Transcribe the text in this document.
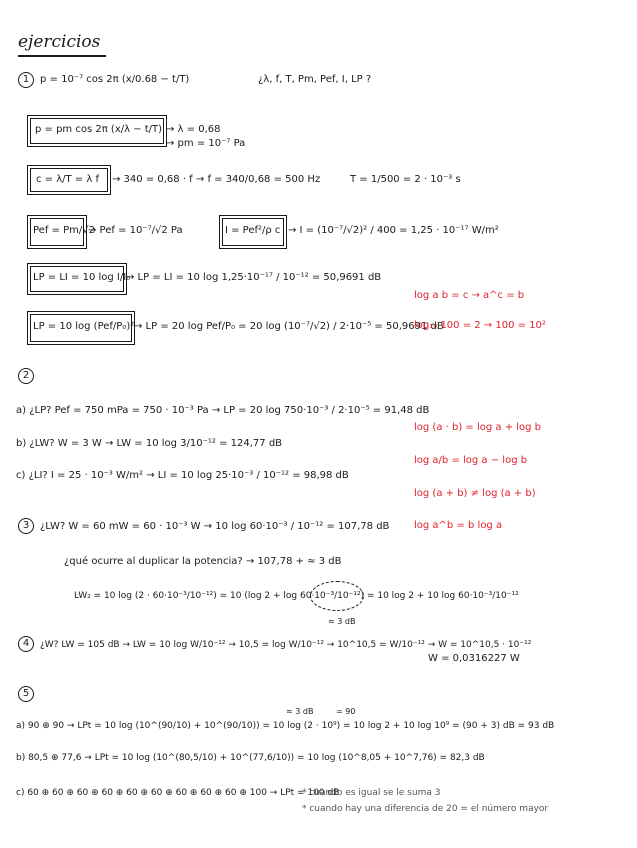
ejercicios
1	p = 10⁻⁷ cos 2π (x/0.68 − t/T)	¿λ, f, T, Pm, Pef, I, LP ?
p = pm cos 2π (x/λ − t/T) → λ = 0,68
→ pm = 10⁻⁷ Pa
c = λ/T = λ f → 340 = 0,68 · f → f = 340/0,68 = 500 Hz	T = 1/500 = 2 · 10⁻³ s
Pef = Pm/√2
→ Pef = 10⁻⁷/√2 Pa	I = Pef²/ρ c → I = (10⁻⁷/√2)² / 400 = 1,25 · 10⁻¹⁷ W/m²
LP = LI = 10 log I/I₀
→ LP = LI = 10 log 1,25·10⁻¹⁷ / 10⁻¹² = 50,9691 dB
LP = 10 log (Pef/P₀)² → LP = 20 log Pef/P₀ = 20 log (10⁻⁷/√2) / 2·10⁻⁵ = 50,9691 dB
log a b = c → a^c = b
log₁₀ 100 = 2 → 100 = 10²
log (a · b) = log a + log b
log a/b = log a − log b
log (a + b) ≠ log (a + b)
log a^b = b log a
2
a) ¿LP? Pef = 750 mPa = 750 · 10⁻³ Pa → LP = 20 log 750·10⁻³ / 2·10⁻⁵ = 91,48 dB
b) ¿LW? W = 3 W → LW = 10 log 3/10⁻¹² = 124,77 dB
c) ¿LI? I = 25 · 10⁻³ W/m² → LI = 10 log 25·10⁻³ / 10⁻¹² = 98,98 dB
3	¿LW? W = 60 mW = 60 · 10⁻³ W → 10 log 60·10⁻³ / 10⁻¹² = 107,78 dB
¿qué ocurre al duplicar la potencia? → 107,78 + ≈ 3 dB
LW₂ = 10 log (2 · 60·10⁻³/10⁻¹²) = 10 (log 2 + log 60·10⁻³/10⁻¹²) = 10 log 2 + 10 log 60·10⁻³/10⁻¹²
≈ 3 dB
4	¿W? LW = 105 dB → LW = 10 log W/10⁻¹² → 10,5 = log W/10⁻¹² → 10^10,5 = W/10⁻¹² → W = 10^10,5 · 10⁻¹²
W = 0,0316227 W
5
≈ 3 dB	= 90
a) 90 ⊕ 90 → LPt = 10 log (10^(90/10) + 10^(90/10)) = 10 log (2 · 10⁹) = 10 log 2 + 10 log 10⁹ = (90 + 3) dB = 93 dB
b) 80,5 ⊕ 77,6 → LPt = 10 log (10^(80,5/10) + 10^(77,6/10)) = 10 log (10^8,05 + 10^7,76) = 82,3 dB
c) 60 ⊕ 60 ⊕ 60 ⊕ 60 ⊕ 60 ⊕ 60 ⊕ 60 ⊕ 60 ⊕ 60 ⊕ 100 → LPt = 100 dB
* cuando es igual se le suma 3
* cuando hay una diferencia de 20 = el número mayor
